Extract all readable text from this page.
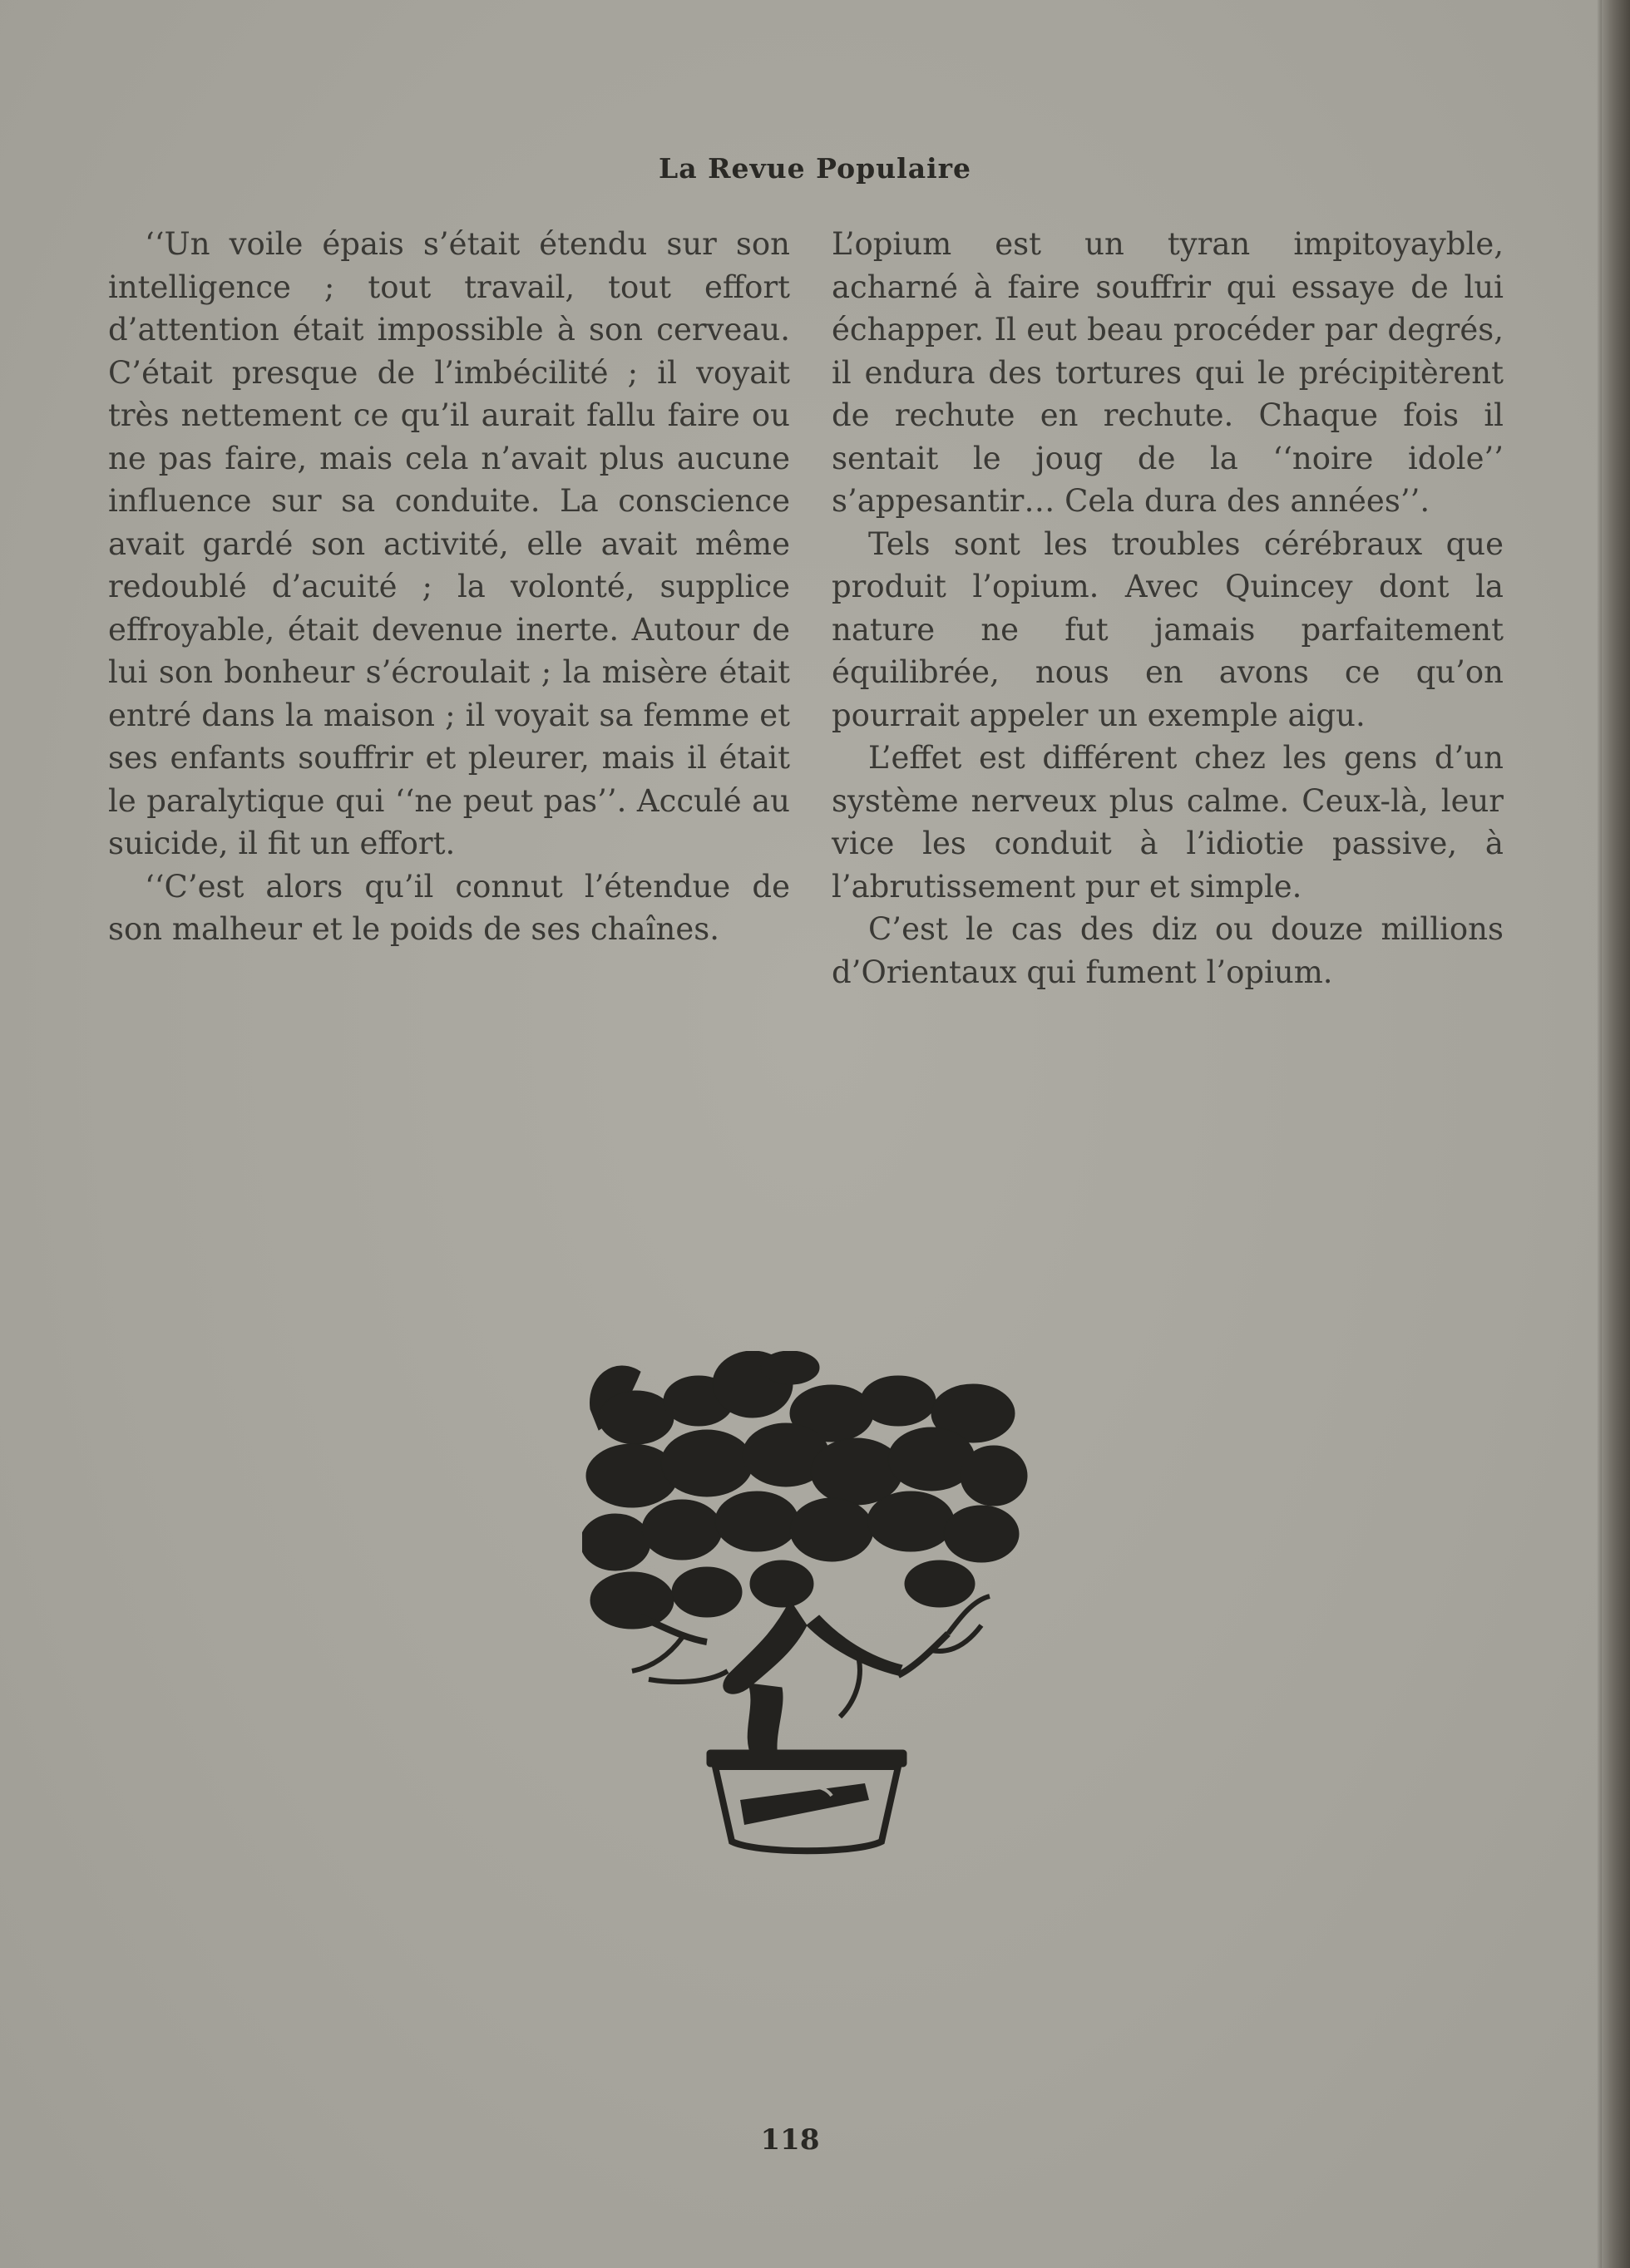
La Revue Populaire

‘‘Un voile épais s’était étendu sur son intelligence ; tout travail, tout effort d’attention était impossible à son cerveau. C’était presque de l’imbécilité ; il voyait très nettement ce qu’il aurait fallu faire ou ne pas faire, mais cela n’avait plus aucune influence sur sa conduite. La conscience avait gardé son activité, elle avait même redoublé d’acuité ; la volonté, supplice effroyable, était devenue inerte. Autour de lui son bonheur s’écroulait ; la misère était entré dans la maison ; il voyait sa femme et ses enfants souffrir et pleurer, mais il était le paralytique qui ‘‘ne peut pas’’. Acculé au suicide, il fit un effort.

‘‘C’est alors qu’il connut l’étendue de son malheur et le poids de ses chaînes.

L’opium est un tyran impitoyayble, acharné à faire souffrir qui essaye de lui échapper. Il eut beau procéder par degrés, il endura des tortures qui le précipitèrent de rechute en rechute. Chaque fois il sentait le joug de la ‘‘noire idole’’ s’appesantir… Cela dura des années’’.

Tels sont les troubles cérébraux que produit l’opium. Avec Quincey dont la nature ne fut jamais parfaitement équilibrée, nous en avons ce qu’on pourrait appeler un exemple aigu.

L’effet est différent chez les gens d’un système nerveux plus calme. Ceux-là, leur vice les conduit à l’idiotie passive, à l’abrutissement pur et simple.

C’est le cas des diz ou douze millions d’Orientaux qui fument l’opium.

118
